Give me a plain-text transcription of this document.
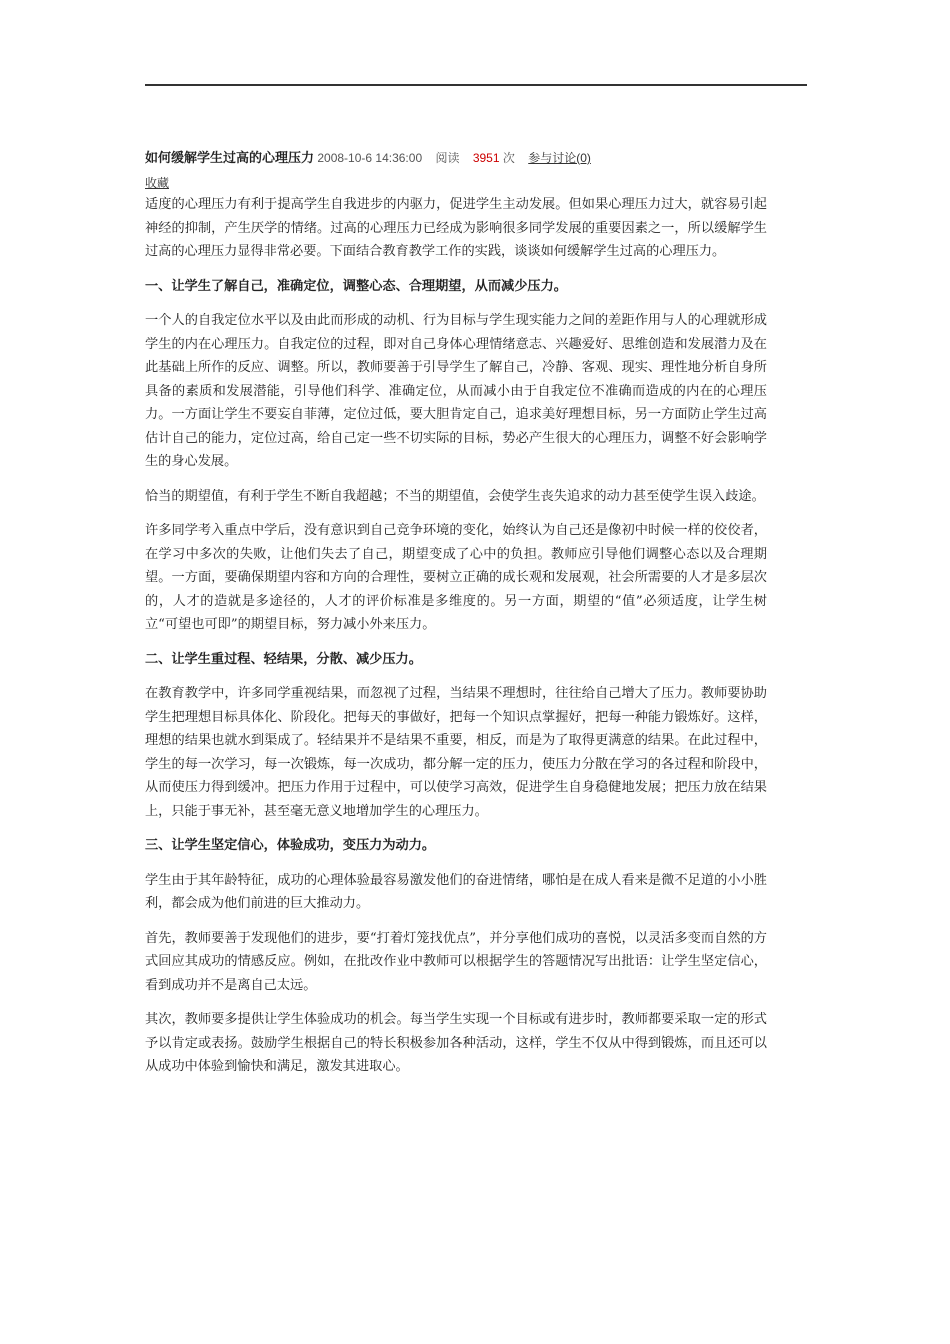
如何缓解学生过高的心理压力 2008-10-6 14:36:00 阅读 3951 次 参与讨论(0)
收藏

适度的心理压力有利于提高学生自我进步的内驱力，促进学生主动发展。但如果心理压力过大，就容易引起神经的抑制，产生厌学的情绪。过高的心理压力已经成为影响很多同学发展的重要因素之一，所以缓解学生过高的心理压力显得非常必要。下面结合教育教学工作的实践，谈谈如何缓解学生过高的心理压力。

一、让学生了解自己，准确定位，调整心态、合理期望，从而减少压力。

一个人的自我定位水平以及由此而形成的动机、行为目标与学生现实能力之间的差距作用与人的心理就形成学生的内在心理压力。自我定位的过程，即对自己身体心理情绪意志、兴趣爱好、思维创造和发展潜力及在此基础上所作的反应、调整。所以，教师要善于引导学生了解自己，冷静、客观、现实、理性地分析自身所具备的素质和发展潜能，引导他们科学、准确定位，从而减小由于自我定位不准确而造成的内在的心理压力。一方面让学生不要妄自菲薄，定位过低，要大胆肯定自己，追求美好理想目标，另一方面防止学生过高估计自己的能力，定位过高，给自己定一些不切实际的目标，势必产生很大的心理压力，调整不好会影响学生的身心发展。

恰当的期望值，有利于学生不断自我超越；不当的期望值，会使学生丧失追求的动力甚至使学生误入歧途。

许多同学考入重点中学后，没有意识到自己竞争环境的变化，始终认为自己还是像初中时候一样的佼佼者，在学习中多次的失败，让他们失去了自己，期望变成了心中的负担。教师应引导他们调整心态以及合理期望。一方面，要确保期望内容和方向的合理性，要树立正确的成长观和发展观，社会所需要的人才是多层次的，人才的造就是多途径的，人才的评价标准是多维度的。另一方面，期望的“值”必须适度，让学生树立“可望也可即”的期望目标，努力减小外来压力。

二、让学生重过程、轻结果，分散、减少压力。

在教育教学中，许多同学重视结果，而忽视了过程，当结果不理想时，往往给自己增大了压力。教师要协助学生把理想目标具体化、阶段化。把每天的事做好，把每一个知识点掌握好，把每一种能力锻炼好。这样，理想的结果也就水到渠成了。轻结果并不是结果不重要，相反，而是为了取得更满意的结果。在此过程中，学生的每一次学习，每一次锻炼，每一次成功，都分解一定的压力，使压力分散在学习的各过程和阶段中，从而使压力得到缓冲。把压力作用于过程中，可以使学习高效，促进学生自身稳健地发展；把压力放在结果上，只能于事无补，甚至毫无意义地增加学生的心理压力。

三、让学生坚定信心，体验成功，变压力为动力。

学生由于其年龄特征，成功的心理体验最容易激发他们的奋进情绪，哪怕是在成人看来是微不足道的小小胜利，都会成为他们前进的巨大推动力。

首先，教师要善于发现他们的进步，要“打着灯笼找优点”，并分享他们成功的喜悦，以灵活多变而自然的方式回应其成功的情感反应。例如，在批改作业中教师可以根据学生的答题情况写出批语：让学生坚定信心，看到成功并不是离自己太远。

其次，教师要多提供让学生体验成功的机会。每当学生实现一个目标或有进步时，教师都要采取一定的形式予以肯定或表扬。鼓励学生根据自己的特长积极参加各种活动，这样，学生不仅从中得到锻炼，而且还可以从成功中体验到愉快和满足，激发其进取心。
